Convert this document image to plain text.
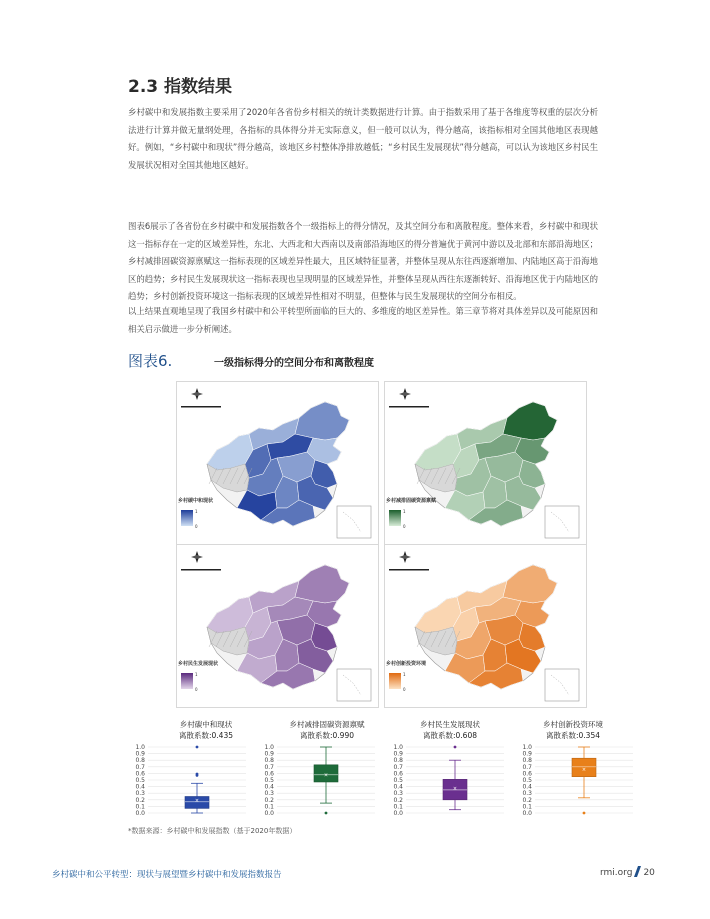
2.3 指数结果

乡村碳中和发展指数主要采用了2020年各省份乡村相关的统计类数据进行计算。由于指数采用了基于各维度等权重的层次分析法进行计算并做无量纲处理，各指标的具体得分并无实际意义，但一般可以认为，得分越高，该指标相对全国其他地区表现越好。例如，“乡村碳中和现状”得分越高，该地区乡村整体净排放越低；“乡村民生发展现状”得分越高，可以认为该地区乡村民生发展状况相对全国其他地区越好。

图表6展示了各省份在乡村碳中和发展指数各个一级指标上的得分情况，及其空间分布和离散程度。整体来看，乡村碳中和现状这一指标存在一定的区域差异性，东北、大西北和大西南以及南部沿海地区的得分普遍优于黄河中游以及北部和东部沿海地区；乡村减排固碳资源禀赋这一指标表现的区域差异性最大，且区域特征显著，并整体呈现从东往西逐渐增加、内陆地区高于沿海地区的趋势；乡村民生发展现状这一指标表现也呈现明显的区域差异性，并整体呈现从西往东逐渐转好、沿海地区优于内陆地区的趋势；乡村创新投资环境这一指标表现的区域差异性相对不明显，但整体与民生发展现状的空间分布相反。

以上结果直观地呈现了我国乡村碳中和公平转型所面临的巨大的、多维度的地区差异性。第三章节将对具体差异以及可能原因和相关启示做进一步分析阐述。

图表6.	一级指标得分的空间分布和离散程度
乡村碳中和现状	乡村减排固碳资源禀赋
乡村民生发展现状	乡村创新投资环境
1
0
1
0
1
0
1
0
乡村碳中和现状
离散系数:0.435
乡村减排固碳资源禀赋
离散系数:0.990
乡村民生发展现状
离散系数:0.608
乡村创新投资环境
离散系数:0.354
1.0
0.9
0.8
0.7
0.6
0.5
0.4
0.3
0.2
0.1
0.0
×
1.0
0.9
0.8
0.7
0.6
0.5
0.4
0.3
0.2
0.1
0.0
×
1.0
0.9
0.8
0.7
0.6
0.5
0.4
0.3
0.2
0.1
0.0
×
1.0
0.9
0.8
0.7
0.6
0.5
0.4
0.3
0.2
0.1
0.0
×
*数据来源：乡村碳中和发展指数（基于2020年数据）
乡村碳中和公平转型：现状与展望暨乡村碳中和发展指数报告	rmi.org 20
